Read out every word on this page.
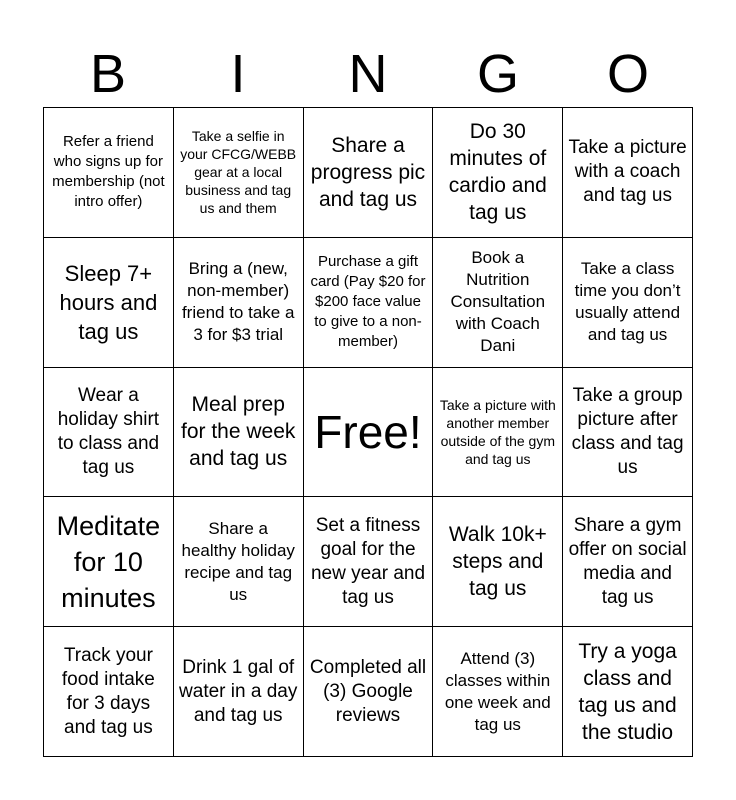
B	I	N	G	O
Refer a friend who signs up for membership (not intro offer)
Take a selfie in your CFCG/WEBB gear at a local business and tag us and them
Share a progress pic and tag us
Do 30 minutes of cardio and tag us
Take a picture with a coach and tag us
Sleep 7+ hours and tag us
Bring a (new, non-member) friend to take a 3 for $3 trial
Purchase a gift card (Pay $20 for $200 face value to give to a non-member)
Book a Nutrition Consultation with Coach Dani
Take a class time you don’t usually attend and tag us
Wear a holiday shirt to class and tag us
Meal prep for the week and tag us
Free!
Take a picture with another member outside of the gym and tag us
Take a group picture after class and tag us
Meditate for 10 minutes
Share a healthy holiday recipe and tag us
Set a fitness goal for the new year and tag us
Walk 10k+ steps and tag us
Share a gym offer on social media and tag us
Track your food intake for 3 days and tag us
Drink 1 gal of water in a day and tag us
Completed all (3) Google reviews
Attend (3) classes within one week and tag us
Try a yoga class and tag us and the studio
